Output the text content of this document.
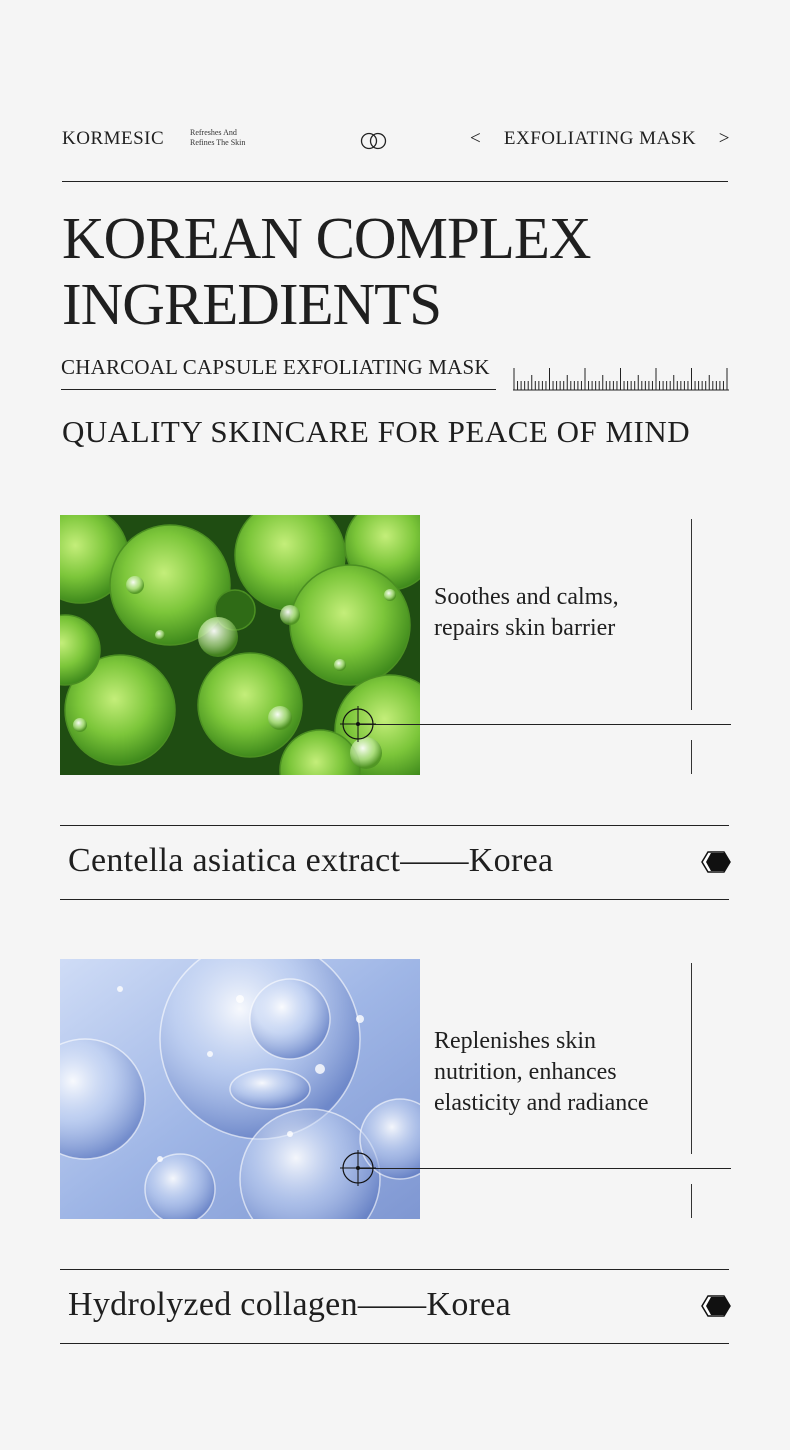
KORMESIC	Refreshes And
Refines The Skin	< EXFOLIATING MASK >
KOREAN COMPLEX
INGREDIENTS
CHARCOAL CAPSULE EXFOLIATING MASK
QUALITY SKINCARE FOR PEACE OF MIND
Soothes and calms,
repairs skin barrier
Centella asiatica extract——Korea
Replenishes skin
nutrition, enhances
elasticity and radiance
Hydrolyzed collagen——Korea
